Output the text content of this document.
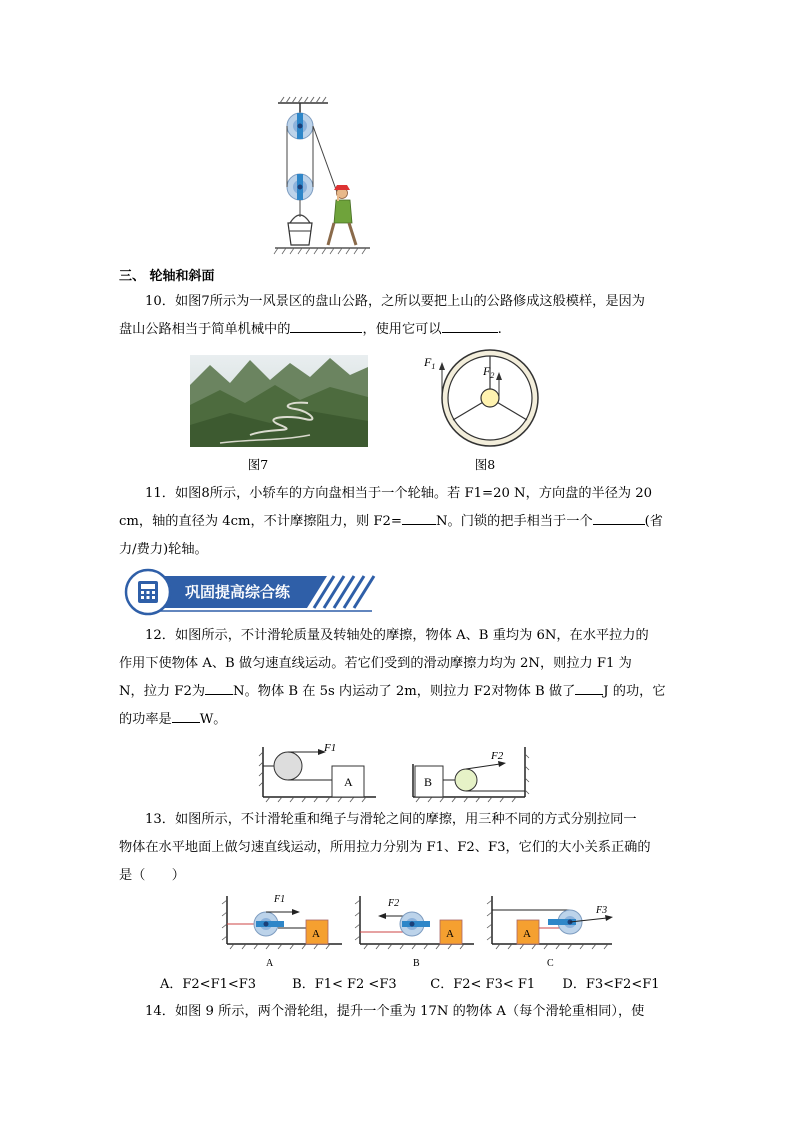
三、 轮轴和斜面
10．如图7所示为一风景区的盘山公路，之所以要把上山的公路修成这般模样，是因为
盘山公路相当于简单机械中的	，使用它可以	.
$F_1$	$F_2$
图7	图8
11．如图8所示，小轿车的方向盘相当于一个轮轴。若 F1=20 N，方向盘的半径为 20
cm，轴的直径为 4cm，不计摩擦阻力，则 F2=	N。门锁的把手相当于一个	(省
力/费力)轮轴。
巩固提高综合练
12．如图所示，不计滑轮质量及转轴处的摩擦，物体 A、B 重均为 6N，在水平拉力的
作用下使物体 A、B 做匀速直线运动。若它们受到的滑动摩擦力均为 2N，则拉力 F1 为
N，拉力 F2为 N。物体 B 在 5s 内运动了 2m，则拉力 F2对物体 B 做了 J 的功，它
的功率是 W。
F1
A	B
F2
13．如图所示，不计滑轮重和绳子与滑轮之间的摩擦，用三种不同的方式分别拉同一
物体在水平地面上做匀速直线运动，所用拉力分别为 F1、F2、F3，它们的大小关系正确的
是（　　）
F1
A
A
F2
A
B
A
F3
C
A．F2<F1<F3	B．F1< F2 <F3	C．F2< F3< F1 D．F3<F2<F1
14．如图 9 所示，两个滑轮组，提升一个重为 17N 的物体 A（每个滑轮重相同），使
